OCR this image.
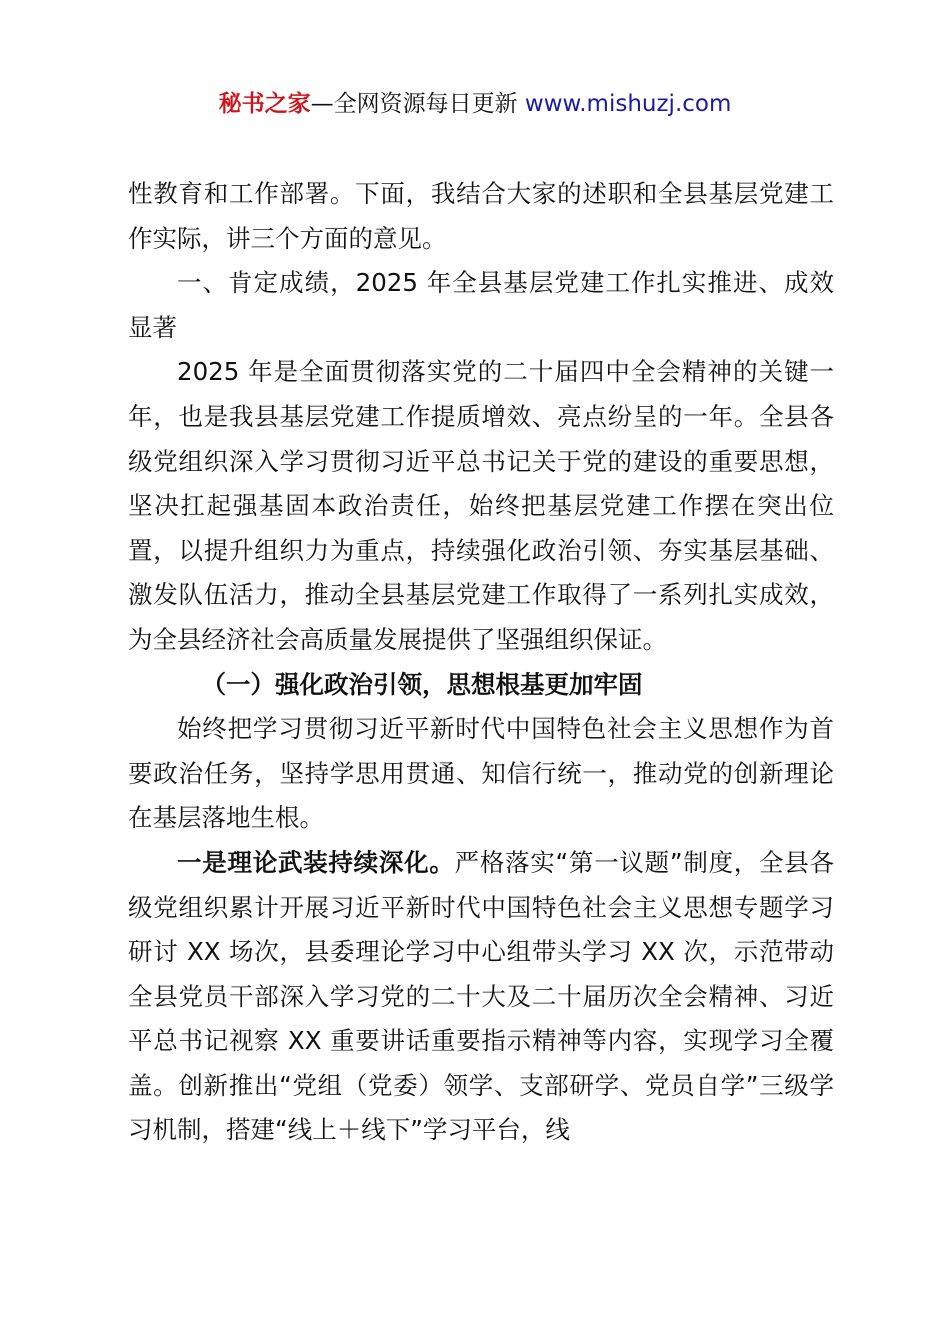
秘书之家—全网资源每日更新 www.mishuzj.com

性教育和工作部署。下面，我结合大家的述职和全县基层党建工作实际，讲三个方面的意见。

一、肯定成绩，2025 年全县基层党建工作扎实推进、成效显著

2025 年是全面贯彻落实党的二十届四中全会精神的关键一年，也是我县基层党建工作提质增效、亮点纷呈的一年。全县各级党组织深入学习贯彻习近平总书记关于党的建设的重要思想，坚决扛起强基固本政治责任，始终把基层党建工作摆在突出位置，以提升组织力为重点，持续强化政治引领、夯实基层基础、激发队伍活力，推动全县基层党建工作取得了一系列扎实成效，为全县经济社会高质量发展提供了坚强组织保证。

（一）强化政治引领，思想根基更加牢固

始终把学习贯彻习近平新时代中国特色社会主义思想作为首要政治任务，坚持学思用贯通、知信行统一，推动党的创新理论在基层落地生根。

一是理论武装持续深化。严格落实“第一议题”制度，全县各级党组织累计开展习近平新时代中国特色社会主义思想专题学习研讨 XX 场次，县委理论学习中心组带头学习 XX 次，示范带动全县党员干部深入学习党的二十大及二十届历次全会精神、习近平总书记视察 XX 重要讲话重要指示精神等内容，实现学习全覆盖。创新推出“党组（党委）领学、支部研学、党员自学”三级学习机制，搭建“线上＋线下”学习平台，线
